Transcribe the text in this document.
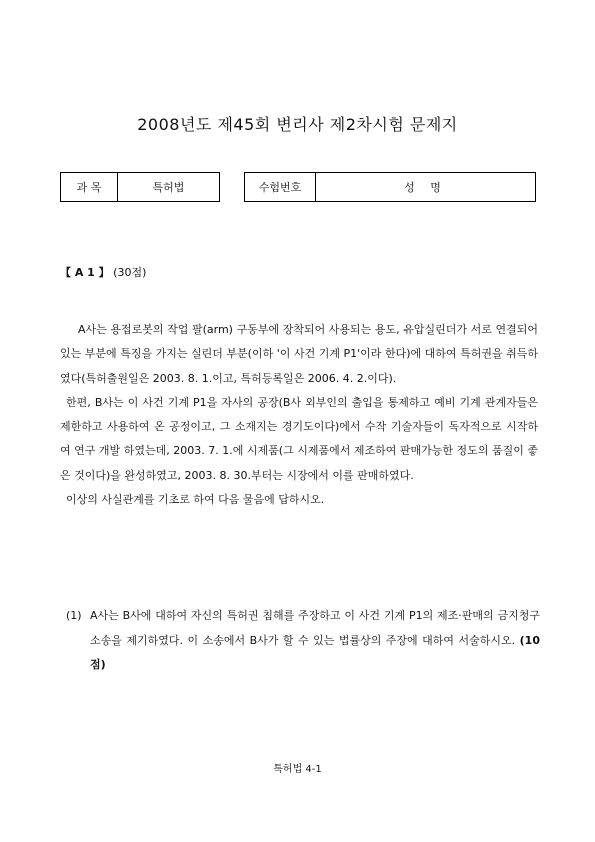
2008년도 제45회 변리사 제2차시험 문제지
과 목	특허법	수험번호	성 명
【 A 1 】 (30점)

A사는 용접로봇의 작업 팔(arm) 구동부에 장착되어 사용되는 용도, 유압실린더가 서로 연결되어 있는 부분에 특징을 가지는 실린더 부분(이하 '이 사건 기계 P1'이라 한다)에 대하여 특허권을 취득하였다(특허출원일은 2003. 8. 1.이고, 특허등록일은 2006. 4. 2.이다).

한편, B사는 이 사건 기계 P1을 자사의 공장(B사 외부인의 출입을 통제하고 예비 기계 관계자들은 제한하고 사용하여 온 공정이고, 그 소재지는 경기도이다)에서 수작 기술자들이 독자적으로 시작하여 연구 개발 하였는데, 2003. 7. 1.에 시제품(그 시제품에서 제조하여 판매가능한 정도의 품질이 좋은 것이다)을 완성하였고, 2003. 8. 30.부터는 시장에서 이를 판매하였다.

이상의 사실관계를 기초로 하여 다음 물음에 답하시오.

(1) A사는 B사에 대하여 자신의 특허권 침해를 주장하고 이 사건 기계 P1의 제조·판매의 금지청구소송을 제기하였다. 이 소송에서 B사가 할 수 있는 법률상의 주장에 대하여 서술하시오. (10점)
특허법 4-1
